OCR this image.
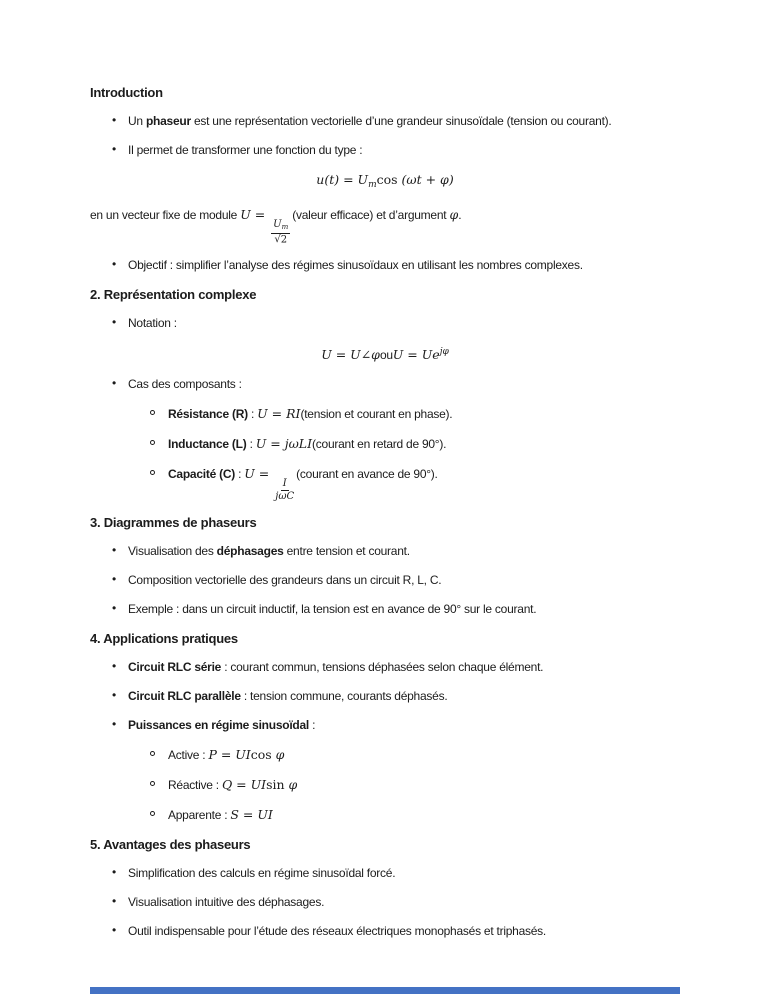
Introduction
• Un phaseur est une représentation vectorielle d’une grandeur sinusoïdale (tension ou courant).
• Il permet de transformer une fonction du type :
$u(t) = U_m\cos$ (ωt + φ)
en un vecteur fixe de module U =
$\frac{U_m}{√2}$
(valeur efficace) et d’argument φ.
• Objectif : simplifier l’analyse des régimes sinusoïdaux en utilisant les nombres complexes.
2. Représentation complexe
• Notation :
U = U∠φouU = $Ue^{j\varphi}$
• Cas des composants :
Résistance (R) : U = RI(tension et courant en phase).
Inductance (L) : U = jωLI(courant en retard de 90°).
Capacité (C) : U =
$\frac{I}{\text{jωC}}$
(courant en avance de 90°).
3. Diagrammes de phaseurs
• Visualisation des déphasages entre tension et courant.
• Composition vectorielle des grandeurs dans un circuit R, L, C.
• Exemple : dans un circuit inductif, la tension est en avance de 90° sur le courant.
4. Applications pratiques
• Circuit RLC série : courant commun, tensions déphasées selon chaque élément.
• Circuit RLC parallèle : tension commune, courants déphasés.
• Puissances en régime sinusoïdal :
Active : P = UIcos φ
Réactive : Q = UIsin φ
Apparente : S = UI
5. Avantages des phaseurs
• Simplification des calculs en régime sinusoïdal forcé.
• Visualisation intuitive des déphasages.
• Outil indispensable pour l’étude des réseaux électriques monophasés et triphasés.
